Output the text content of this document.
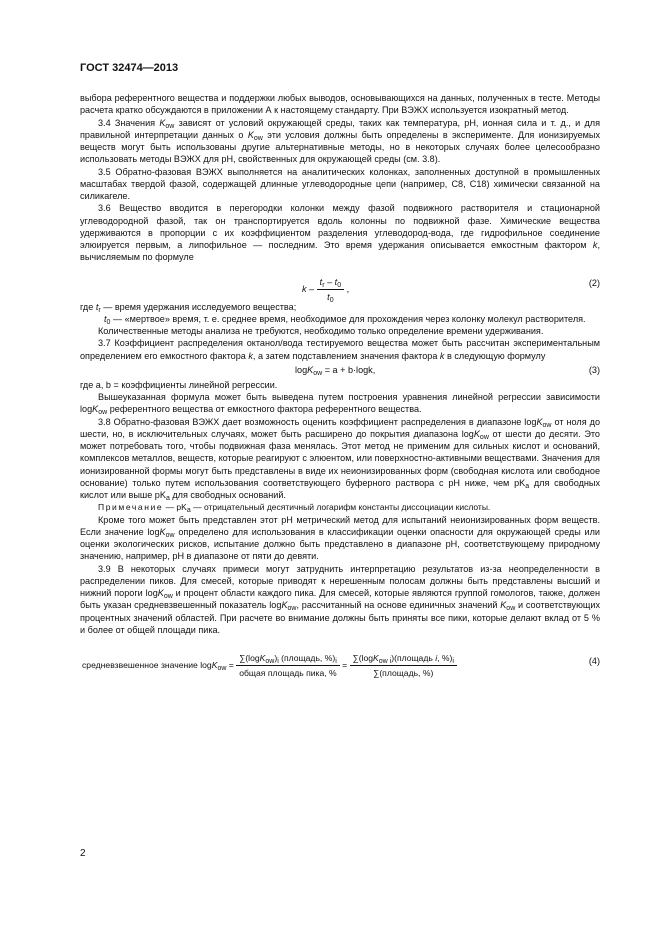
ГОСТ 32474—2013

выбора референтного вещества и поддержки любых выводов, основывающихся на данных, полученных в тесте. Методы расчета кратко обсуждаются в приложении А к настоящему стандарту. При ВЭЖХ используется изократный метод.

3.4 Значения $K_{ow}$ зависят от условий окружающей среды, таких как температура, рН, ионная сила и т. д., и для правильной интерпретации данных о $K_{ow}$ эти условия должны быть определены в эксперименте. Для ионизируемых веществ могут быть использованы другие альтернативные методы, но в некоторых случаях более целесообразно использовать методы ВЭЖХ для рН, свойственных для окружающей среды (см. 3.8).

3.5 Обратно-фазовая ВЭЖХ выполняется на аналитических колонках, заполненных доступной в промышленных масштабах твердой фазой, содержащей длинные углеводородные цепи (например, С8, С18) химически связанной на силикагеле.

3.6 Вещество вводится в перегородки колонки между фазой подвижного растворителя и стационарной углеводородной фазой, так он транспортируется вдоль колонны по подвижной фазе. Химические вещества удерживаются в пропорции с их коэффициентом разделения углеводород-вода, где гидрофильное соединение элюируется первым, а липофильное — последним. Это время удержания описывается емкостным фактором k, вычисляемым по формуле

k – $\frac{t_r - t_0}{t_0}$ ,
(2)

где $t_r$ — время удержания исследуемого вещества;

$t_0$ — «мертвое» время, т. е. среднее время, необходимое для прохождения через колонку молекул растворителя.

Количественные методы анализа не требуются, необходимо только определение времени удерживания.

3.7 Коэффициент распределения октанол/вода тестируемого вещества может быть рассчитан экспериментальным определением его емкостного фактора k, а затем подставлением значения фактора k в следующую формулу

logK$_{ow}$ = a + b·logk,	(3)

где a, b = коэффициенты линейной регрессии.

Вышеуказанная формула может быть выведена путем построения уравнения линейной регрессии зависимости logK$_{ow}$ референтного вещества от емкостного фактора референтного вещества.

3.8 Обратно-фазовая ВЭЖХ дает возможность оценить коэффициент распределения в диапазоне logK$_{ow}$ от ноля до шести, но, в исключительных случаях, может быть расширено до покрытия диапазона logK$_{ow}$ от шести до десяти. Это может потребовать того, чтобы подвижная фаза менялась. Этот метод не применим для сильных кислот и оснований, комплексов металлов, веществ, которые реагируют с элюентом, или поверхностно-активными веществами. Значения для ионизированной формы могут быть представлены в виде их неионизированных форм (свободная кислота или свободное основание) только путем использования соответствующего буферного раствора с рН ниже, чем $pK_a$ для свободных кислот или выше $pK_a$ для свободных оснований.

Примечание — $pK_a$ — отрицательный десятичный логарифм константы диссоциации кислоты.

Кроме того может быть представлен этот рН метрический метод для испытаний неионизированных форм веществ. Если значение logK$_{ow}$ определено для использования в классификации оценки опасности для окружающей среды или оценки экологических рисков, испытание должно быть представлено в диапазоне рН, соответствующему природному значению, например, рН в диапазоне от пяти до девяти.

3.9 В некоторых случаях примеси могут затруднить интерпретацию результатов из-за неопределенности в распределении пиков. Для смесей, которые приводят к нерешенным полосам должны быть представлены высший и нижний пороги logK$_{ow}$ и процент области каждого пика. Для смесей, которые являются группой гомологов, также, должен быть указан средневзвешенный показатель logK$_{ow}$, рассчитанный на основе единичных значений $K_{ow}$ и соответствующих процентных значений областей. При расчете во внимание должны быть приняты все пики, которые делают вклад от 5 % и более от общей площади пика.

средневзвешенное значение $\log K_{ow} = \frac{\sum(\log K_{ow})_i (площадь, \%)_i}{\text{общая площадь пика, \%}} = \frac{\sum(\log K_{ow i})(площадь i, \%)_i}{\text{∑(площадь, \%)}}$	(4)
2
